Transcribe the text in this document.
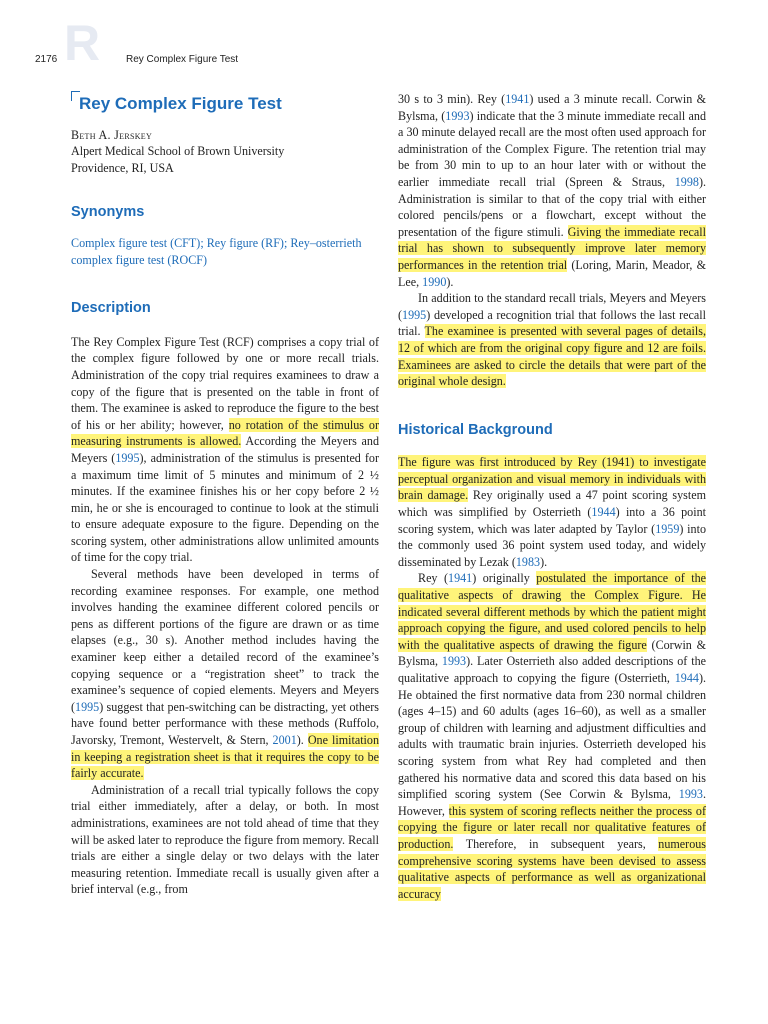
2176 R	Rey Complex Figure Test
Rey Complex Figure Test

Beth A. Jerskey

Alpert Medical School of Brown University

Providence, RI, USA

Synonyms

Complex figure test (CFT); Rey figure (RF); Rey–osterrieth complex figure test (ROCF)

Description

The Rey Complex Figure Test (RCF) comprises a copy trial of the complex figure followed by one or more recall trials. Administration of the copy trial requires examinees to draw a copy of the figure that is presented on the table in front of them. The examinee is asked to reproduce the figure to the best of his or her ability; however, no rotation of the stimulus or measuring instruments is allowed. According the Meyers and Meyers (1995), administration of the stimulus is presented for a maximum time limit of 5 minutes and minimum of 2 ½ minutes. If the examinee finishes his or her copy before 2 ½ min, he or she is encouraged to continue to look at the stimuli to ensure adequate exposure to the figure. Depending on the scoring system, other administrations allow unlimited amounts of time for the copy trial.

Several methods have been developed in terms of recording examinee responses. For example, one method involves handing the examinee different colored pencils or pens as different portions of the figure are drawn or as time elapses (e.g., 30 s). Another method includes having the examiner keep either a detailed record of the examinee’s copying sequence or a “registration sheet” to track the examinee’s sequence of copied elements. Meyers and Meyers (1995) suggest that pen-switching can be distracting, yet others have found better performance with these methods (Ruffolo, Javorsky, Tremont, Westervelt, & Stern, 2001). One limitation in keeping a registration sheet is that it requires the copy to be fairly accurate.

Administration of a recall trial typically follows the copy trial either immediately, after a delay, or both. In most administrations, examinees are not told ahead of time that they will be asked later to reproduce the figure from memory. Recall trials are either a single delay or two delays with the later measuring retention. Immediate recall is usually given after a brief interval (e.g., from

30 s to 3 min). Rey (1941) used a 3 minute recall. Corwin & Bylsma, (1993) indicate that the 3 minute immediate recall and a 30 minute delayed recall are the most often used approach for administration of the Complex Figure. The retention trial may be from 30 min to up to an hour later with or without the earlier immediate recall trial (Spreen & Straus, 1998). Administration is similar to that of the copy trial with either colored pencils/pens or a flowchart, except without the presentation of the figure stimuli. Giving the immediate recall trial has shown to subsequently improve later memory performances in the retention trial (Loring, Marin, Meador, & Lee, 1990).

In addition to the standard recall trials, Meyers and Meyers (1995) developed a recognition trial that follows the last recall trial. The examinee is presented with several pages of details, 12 of which are from the original copy figure and 12 are foils. Examinees are asked to circle the details that were part of the original whole design.

Historical Background

The figure was first introduced by Rey (1941) to investigate perceptual organization and visual memory in individuals with brain damage. Rey originally used a 47 point scoring system which was simplified by Osterrieth (1944) into a 36 point scoring system, which was later adapted by Taylor (1959) into the commonly used 36 point system used today, and widely disseminated by Lezak (1983).

Rey (1941) originally postulated the importance of the qualitative aspects of drawing the Complex Figure. He indicated several different methods by which the patient might approach copying the figure, and used colored pencils to help with the qualitative aspects of drawing the figure (Corwin & Bylsma, 1993). Later Osterrieth also added descriptions of the qualitative approach to copying the figure (Osterrieth, 1944). He obtained the first normative data from 230 normal children (ages 4–15) and 60 adults (ages 16–60), as well as a smaller group of children with learning and adjustment difficulties and adults with traumatic brain injuries. Osterrieth developed his scoring system from what Rey had completed and then gathered his normative data and scored this data based on his simplified scoring system (See Corwin & Bylsma, 1993. However, this system of scoring reflects neither the process of copying the figure or later recall nor qualitative features of production. Therefore, in subsequent years, numerous comprehensive scoring systems have been devised to assess qualitative aspects of performance as well as organizational accuracy
